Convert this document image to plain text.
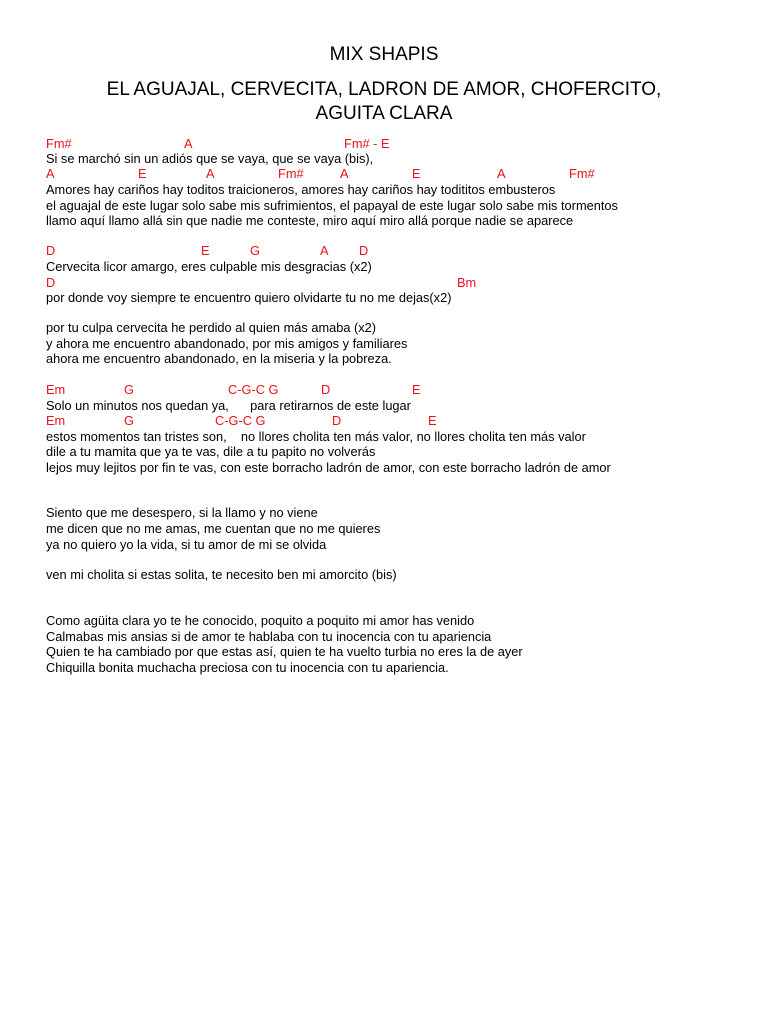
MIX SHAPIS
EL AGUAJAL, CERVECITA, LADRON DE AMOR, CHOFERCITO,
AGUITA CLARA

Fm#

	A

	Fm# - E

Si se marchó sin un adiós que se vaya, que se vaya (bis),

A

	E

	A

	Fm#

	A

	E

	A

	Fm#

Amores hay cariños hay toditos traicioneros, amores hay cariños hay todititos embusteros
el aguajal de este lugar solo sabe mis sufrimientos, el papayal de este lugar solo sabe mis tormentos
llamo aquí llamo allá sin que nadie me conteste, miro aquí miro allá porque nadie se aparece

D

	E

	G

	A

D

Cervecita licor amargo, eres culpable mis desgracias (x2)

D

	Bm

por donde voy siempre te encuentro quiero olvidarte tu no me dejas(x2)
por tu culpa cervecita he perdido al quien más amaba (x2)
y ahora me encuentro abandonado, por mis amigos y familiares
ahora me encuentro abandonado, en la miseria y la pobreza.

Em

	G

	C-G-C G

	D

	E

Solo un minutos nos quedan ya,      para retirarnos de este lugar

Em

	G

	C-G-C G

	D

	E

estos momentos tan tristes son,    no llores cholita ten más valor, no llores cholita ten más valor
dile a tu mamita que ya te vas, dile a tu papito no volverás
lejos muy lejitos por fin te vas, con este borracho ladrón de amor, con este borracho ladrón de amor
Siento que me desespero, si la llamo y no viene
me dicen que no me amas, me cuentan que no me quieres
ya no quiero yo la vida, si tu amor de mi se olvida
ven mi cholita si estas solita, te necesito ben mi amorcito (bis)
Como agüita clara yo te he conocido, poquito a poquito mi amor has venido
Calmabas mis ansias si de amor te hablaba con tu inocencia con tu apariencia
Quien te ha cambiado por que estas así, quien te ha vuelto turbia no eres la de ayer
Chiquilla bonita muchacha preciosa con tu inocencia con tu apariencia.
